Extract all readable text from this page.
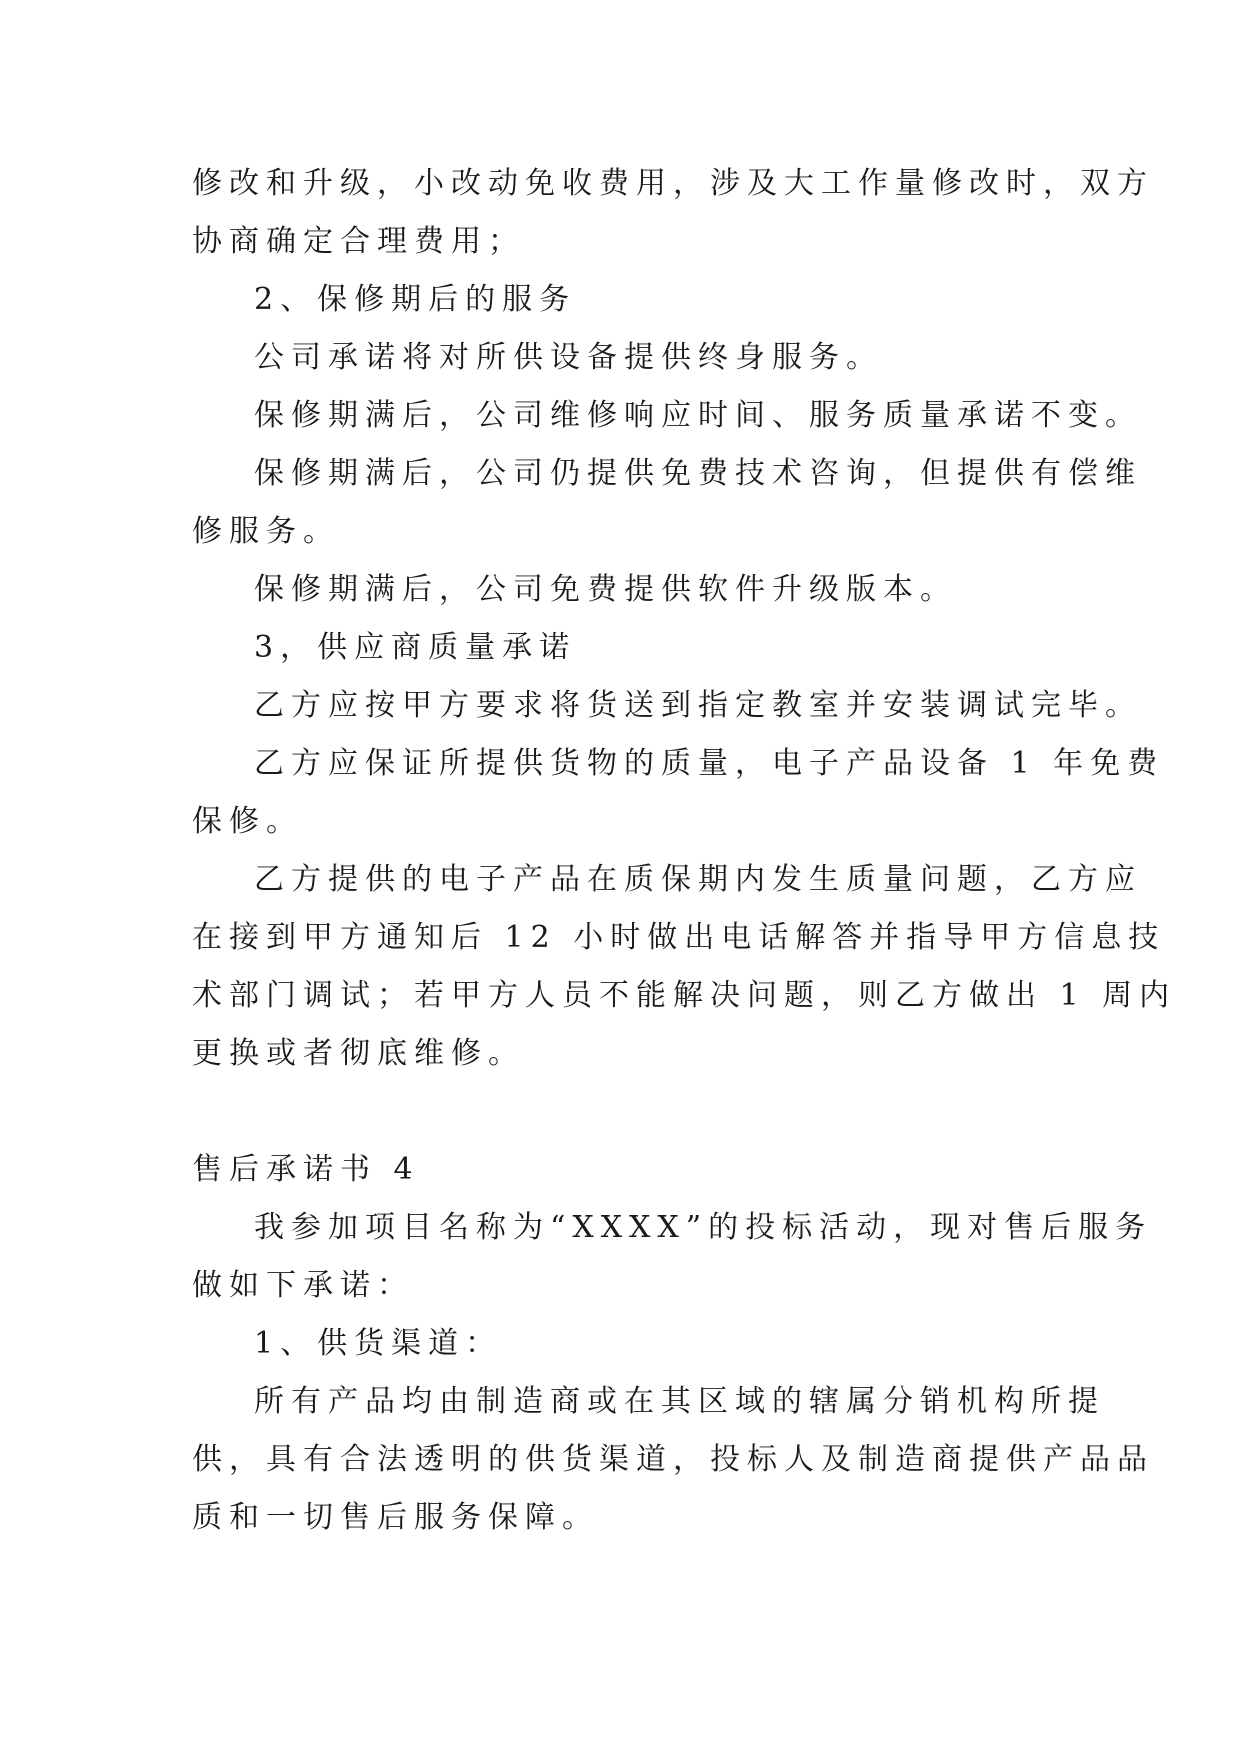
修改和升级，小改动免收费用，涉及大工作量修改时，双方

协商确定合理费用；

2、保修期后的服务

公司承诺将对所供设备提供终身服务。

保修期满后，公司维修响应时间、服务质量承诺不变。

保修期满后，公司仍提供免费技术咨询，但提供有偿维

修服务。

保修期满后，公司免费提供软件升级版本。

3，供应商质量承诺

乙方应按甲方要求将货送到指定教室并安装调试完毕。

乙方应保证所提供货物的质量，电子产品设备 1 年免费

保修。

乙方提供的电子产品在质保期内发生质量问题，乙方应

在接到甲方通知后 12 小时做出电话解答并指导甲方信息技

术部门调试；若甲方人员不能解决问题，则乙方做出 1 周内

更换或者彻底维修。

售后承诺书 4

我参加项目名称为“XXXX”的投标活动，现对售后服务

做如下承诺：

1、供货渠道：

所有产品均由制造商或在其区域的辖属分销机构所提

供，具有合法透明的供货渠道，投标人及制造商提供产品品

质和一切售后服务保障。
